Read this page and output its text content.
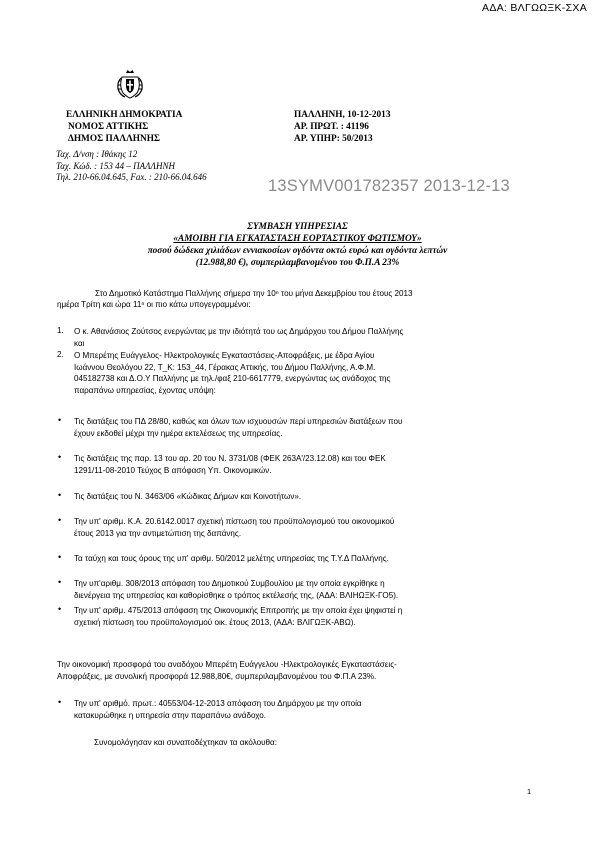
ΑΔΑ: ΒΛΓΩΩΞΚ-ΣΧΑ
ΕΛΛΗΝΙΚΗ ΔΗΜΟΚΡΑΤΙΑ
ΝΟΜΟΣ ΑΤΤΙΚΗΣ
ΔΗΜΟΣ ΠΑΛΛΗΝΗΣ
ΠΑΛΛΗΝΗ, 10-12-2013
ΑΡ. ΠΡΩΤ. : 41196
ΑΡ. ΥΠΗΡ: 50/2013
Ταχ. Δ/νση : Ιθάκης 12
Ταχ. Κώδ. : 153 44 – ΠΑΛΛΗΝΗ
Τηλ. 210-66.04.645, Fax. : 210-66.04.646	13SYMV001782357 2013-12-13
ΣΥΜΒΑΣΗ ΥΠΗΡΕΣΙΑΣ
«ΑΜΟΙΒΗ ΓΙΑ ΕΓΚΑΤΑΣΤΑΣΗ ΕΟΡΤΑΣΤΙΚΟΥ ΦΩΤΙΣΜΟΥ»
ποσού δώδεκα χιλιάδων εννιακοσίων ογδόντα οκτώ ευρώ και ογδόντα λεπτών
(12.988,80 €), συμπεριλαμβανομένου του Φ.Π.Α 23%
Στο Δημοτικό Κατάστημα Παλλήνης σήμερα την 10ⁿ του μήνα Δεκεμβρίου του έτους 2013
ημέρα Τρίτη και ώρα 11ⁿ οι πιο κάτω υπογεγραμμένοι:
1. Ο κ. Αθανάσιος Ζούτσος ενεργώντας με την ιδιότητά του ως Δημάρχου του Δήμου Παλλήνης
και
2. Ο Μπερέτης Ευάγγελος- Ηλεκτρολογικές Εγκαταστάσεις-Αποφράξεις, με έδρα Αγίου
Ιωάννου Θεολόγου 22, Τ_Κ: 153_44, Γέρακας Αττικής, του Δήμου Παλλήνης, Α.Φ.Μ.
045182738 και Δ.Ο.Υ Παλλήνης με τηλ./φαξ 210-6617779, ενεργώντας ως ανάδοχος της
παραπάνω υπηρεσίας, έχοντας υπόψη:
• Τις διατάξεις του ΠΔ 28/80, καθώς και όλων των ισχυουσών περί υπηρεσιών διατάξεων που
έχουν εκδοθεί μέχρι την ημέρα εκτελέσεως της υπηρεσίας.
• Τις διατάξεις της παρ. 13 του αρ. 20 του Ν. 3731/08 (ΦΕΚ 263Α'/23.12.08) και του ΦΕΚ
1291/11-08-2010 Τεύχος Β απόφαση Υπ. Οικονομικών.
• Τις διατάξεις του Ν. 3463/06 «Κώδικας Δήμων και Κοινοτήτων».
• Την υπ' αριθμ. Κ.Α. 20.6142.0017 σχετική πίστωση του προϋπολογισμού του οικονομικού
έτους 2013 για την αντιμετώπιση της δαπάνης.
• Τα ταύχη και τους όρους της υπ' αριθμ. 50/2012 μελέτης υπηρεσίας της Τ.Υ.Δ Παλλήνης.
• Την υπ'αριθμ. 308/2013 απόφαση του Δημοτικού Συμβουλίου με την οποία εγκρίθηκε η
διενέργεια της υπηρεσίας και καθορίσθηκε ο τρόπος εκτέλεσής της, (ΑΔΑ: ΒΛΙΗΩΞΚ-ΓΟ5).
• Την υπ' αριθμ. 475/2013 απόφαση της Οικονομικής Επιτροπής με την οποία έχει ψηφιστεί η
σχετική πίστωση του προϋπολογισμού οικ. έτους 2013, (ΑΔΑ: ΒΛΙΓΩΞΚ-ΑΒΩ).
Την οικονομική προσφορά του αναδόχου Μπερέτη Ευάγγελου -Ηλεκτρολογικές Εγκαταστάσεις-
Αποφράξεις, με συνολική προσφορά 12.988,80€, συμπεριλαμβανομένου του Φ.Π.Α 23%.
• Την υπ' αριθμό. πρωτ.: 40553/04-12-2013 απόφαση του Δημάρχου με την οποία
κατακυρώθηκε η υπηρεσία στην παραπάνω ανάδοχο.
Συνομολόγησαν και συναποδέχτηκαν τα ακόλουθα:
1
